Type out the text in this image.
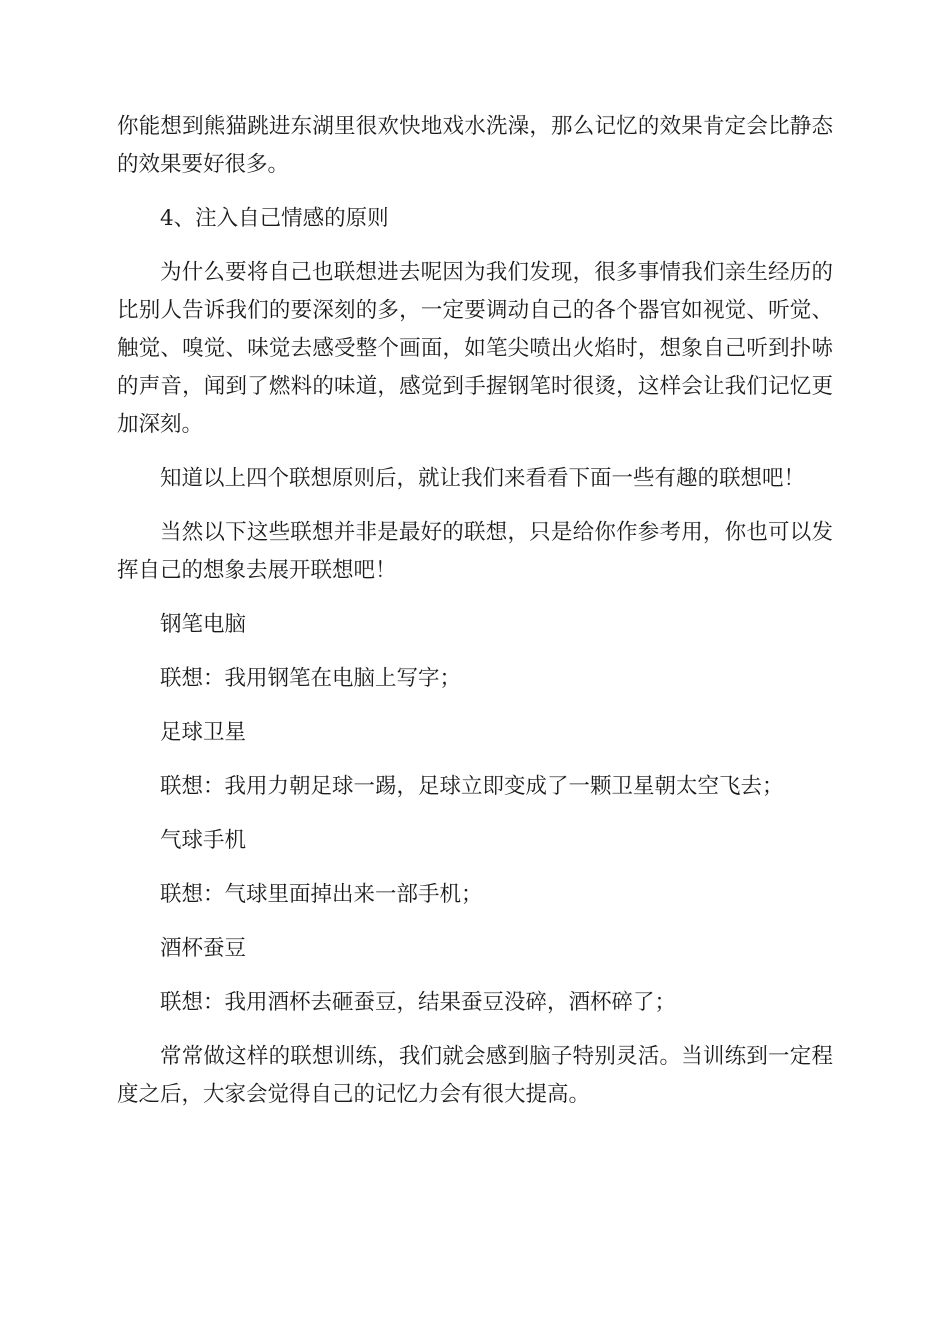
你能想到熊猫跳进东湖里很欢快地戏水洗澡，那么记忆的效果肯定会比静态的效果要好很多。

4、注入自己情感的原则

为什么要将自己也联想进去呢因为我们发现，很多事情我们亲生经历的比别人告诉我们的要深刻的多，一定要调动自己的各个器官如视觉、听觉、触觉、嗅觉、味觉去感受整个画面，如笔尖喷出火焰时，想象自己听到扑哧的声音，闻到了燃料的味道，感觉到手握钢笔时很烫，这样会让我们记忆更加深刻。

知道以上四个联想原则后，就让我们来看看下面一些有趣的联想吧！

当然以下这些联想并非是最好的联想，只是给你作参考用，你也可以发挥自己的想象去展开联想吧！

钢笔电脑

联想：我用钢笔在电脑上写字；

足球卫星

联想：我用力朝足球一踢，足球立即变成了一颗卫星朝太空飞去；

气球手机

联想：气球里面掉出来一部手机；

酒杯蚕豆

联想：我用酒杯去砸蚕豆，结果蚕豆没碎，酒杯碎了；

常常做这样的联想训练，我们就会感到脑子特别灵活。当训练到一定程度之后，大家会觉得自己的记忆力会有很大提高。
